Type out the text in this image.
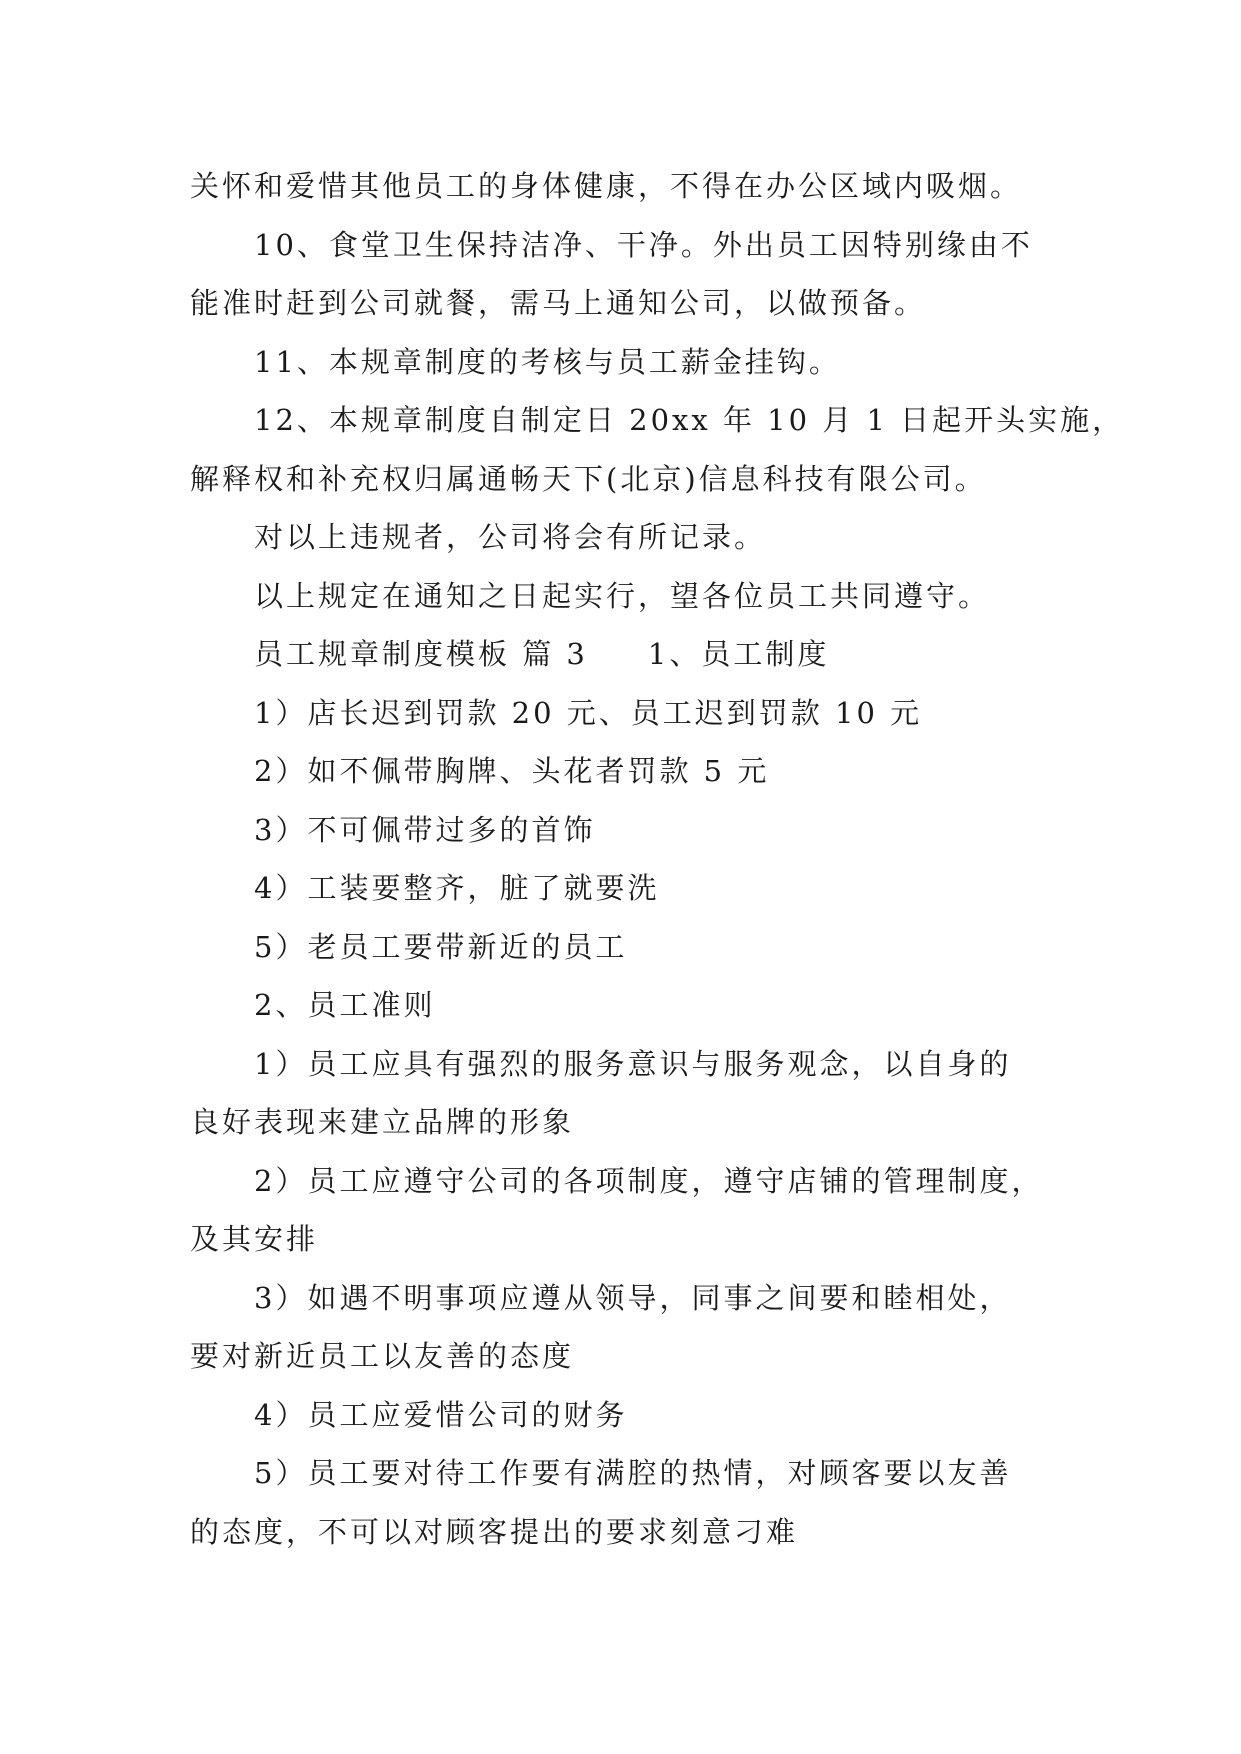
关怀和爱惜其他员工的身体健康，不得在办公区域内吸烟。
10、食堂卫生保持洁净、干净。外出员工因特别缘由不
能准时赶到公司就餐，需马上通知公司，以做预备。
11、本规章制度的考核与员工薪金挂钩。
12、本规章制度自制定日 20xx 年 10 月 1 日起开头实施，
解释权和补充权归属通畅天下(北京)信息科技有限公司。
对以上违规者，公司将会有所记录。
以上规定在通知之日起实行，望各位员工共同遵守。
员工规章制度模板 篇 3 1、员工制度
1）店长迟到罚款 20 元、员工迟到罚款 10 元
2）如不佩带胸牌、头花者罚款 5 元
3）不可佩带过多的首饰
4）工装要整齐，脏了就要洗
5）老员工要带新近的员工
2、员工准则
1）员工应具有强烈的服务意识与服务观念，以自身的
良好表现来建立品牌的形象
2）员工应遵守公司的各项制度，遵守店铺的管理制度，
及其安排
3）如遇不明事项应遵从领导，同事之间要和睦相处，
要对新近员工以友善的态度
4）员工应爱惜公司的财务
5）员工要对待工作要有满腔的热情，对顾客要以友善
的态度，不可以对顾客提出的要求刻意刁难
